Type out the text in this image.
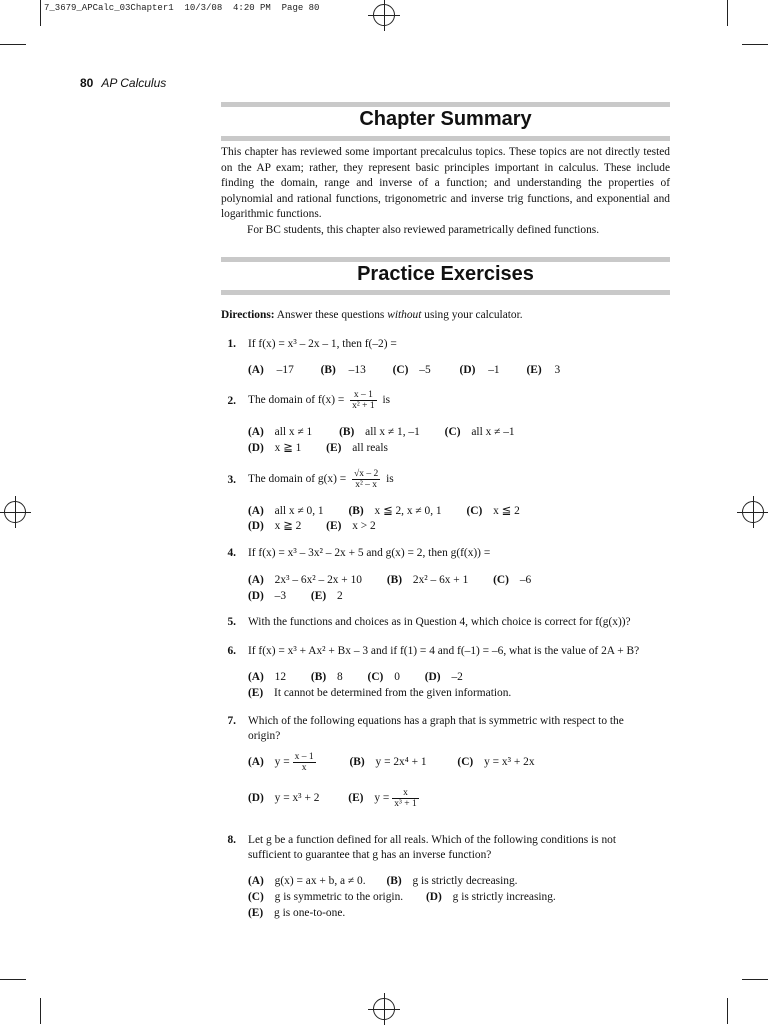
7_3679_APCalc_03Chapter1  10/3/08  4:20 PM  Page 80
80 AP Calculus
Chapter Summary

This chapter has reviewed some important precalculus topics. These topics are not directly tested on the AP exam; rather, they represent basic principles important in calculus. These include finding the domain, range and inverse of a function; and understanding the properties of polynomial and rational functions, trigonometric and inverse trig functions, and exponential and logarithmic functions.

For BC students, this chapter also reviewed parametrically defined functions.

Practice Exercises
Directions: Answer these questions without using your calculator.
1. If f(x) = x³ – 2x – 1, then f(–2) =
(A) –17 (B) –13 (C) –5	(D) –1 (E) 3
2. The domain of $f(x) = \frac{x - 1}{\text{x² + 1}}$ is
(A) all x ≠ 1 (B) all x ≠ 1, –1 (C) all x ≠ –1
(D) x ≧ 1 (E) all reals
3. The domain of $g(x) = \frac{√x - 2}{\text{x² – x}}$ is
(A) all x ≠ 0, 1 (B) x ≦ 2, x ≠ 0, 1 (C) x ≦ 2
(D) x ≧ 2 (E) x > 2
4. If f(x) = x³ – 3x² – 2x + 5 and g(x) = 2, then g(f(x)) =
(A) 2x³ – 6x² – 2x + 10 (B) 2x² – 6x + 1 (C) –6
(D) –3 (E) 2
5. With the functions and choices as in Question 4, which choice is correct for f(g(x))?
6. If f(x) = x³ + Ax² + Bx – 3 and if f(1) = 4 and f(–1) = –6, what is the value of 2A + B?
(A) 12 (B) 8 (C) 0 (D) –2
(E) It cannot be determined from the given information.
7. Which of the following equations has a graph that is symmetric with respect to the
origin?
(A) $y = \frac{x - 1}{x}$	(B) y = 2x⁴ + 1	(C) y = x³ + 2x
(D) y = x³ + 2	(E) $y = \frac{x}{\text{x³ + 1}}$
8. Let g be a function defined for all reals. Which of the following conditions is not
sufficient to guarantee that g has an inverse function?
(A) g(x) = ax + b, a ≠ 0. (B) g is strictly decreasing.
(C) g is symmetric to the origin. (D) g is strictly increasing.
(E) g is one-to-one.
